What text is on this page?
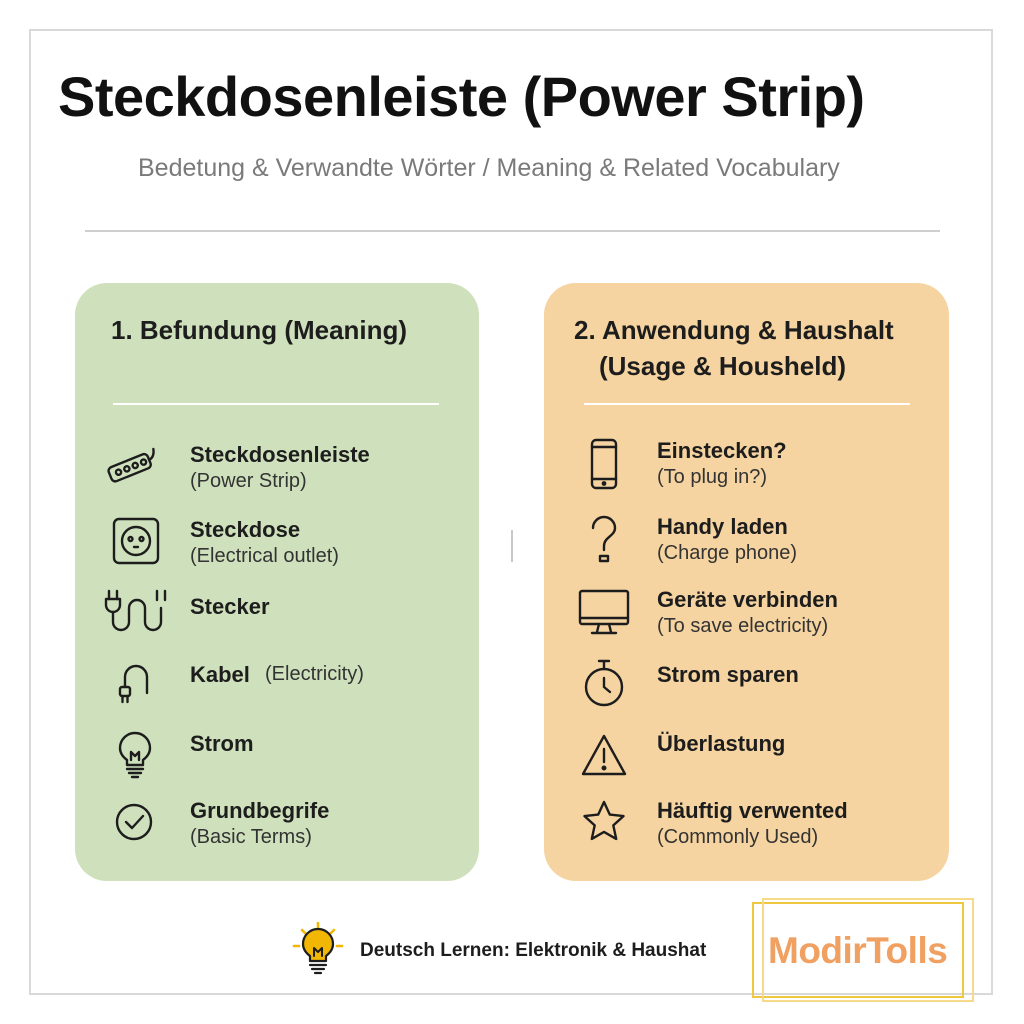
Steckdosenleiste (Power Strip)
Bedetung & Verwandte Wörter / Meaning & Related Vocabulary
1. Befundung (Meaning)
Steckdosenleiste
(Power Strip)
Steckdose
(Electrical outlet)
Stecker
Kabel (Electricity)
Strom
Grundbegrife
(Basic Terms)
2. Anwendung & Haushalt
(Usage & Housheld)
Einstecken?
(To plug in?)
Handy laden
(Charge phone)
Geräte verbinden
(To save electricity)
Strom sparen
Überlastung
Häuftig verwented
(Commonly Used)
Deutsch Lernen: Elektronik & Haushat ModirTolls
